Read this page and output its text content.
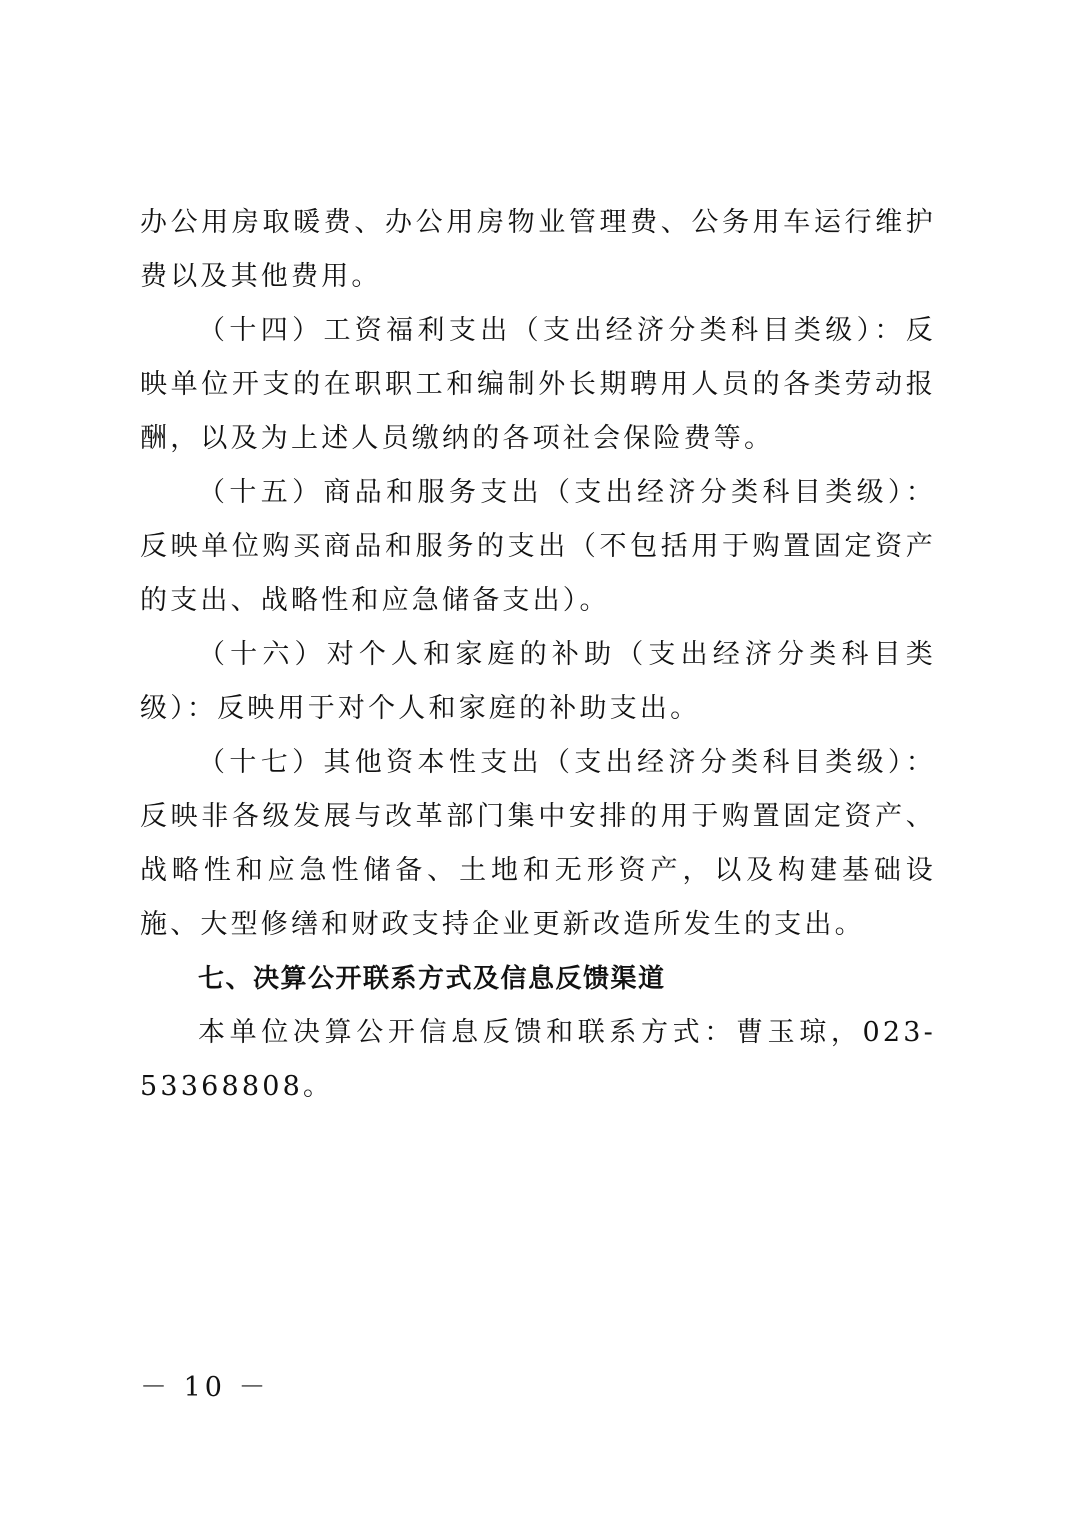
办公用房取暖费、办公用房物业管理费、公务用车运行维护费以及其他费用。

（十四）工资福利支出（支出经济分类科目类级）：反映单位开支的在职职工和编制外长期聘用人员的各类劳动报酬，以及为上述人员缴纳的各项社会保险费等。

（十五）商品和服务支出（支出经济分类科目类级）：反映单位购买商品和服务的支出（不包括用于购置固定资产的支出、战略性和应急储备支出）。

（十六）对个人和家庭的补助（支出经济分类科目类级）：反映用于对个人和家庭的补助支出。

（十七）其他资本性支出（支出经济分类科目类级）：反映非各级发展与改革部门集中安排的用于购置固定资产、战略性和应急性储备、土地和无形资产，以及构建基础设施、大型修缮和财政支持企业更新改造所发生的支出。

七、决算公开联系方式及信息反馈渠道

本单位决算公开信息反馈和联系方式：曹玉琼，023-53368808。

－ 10 －
